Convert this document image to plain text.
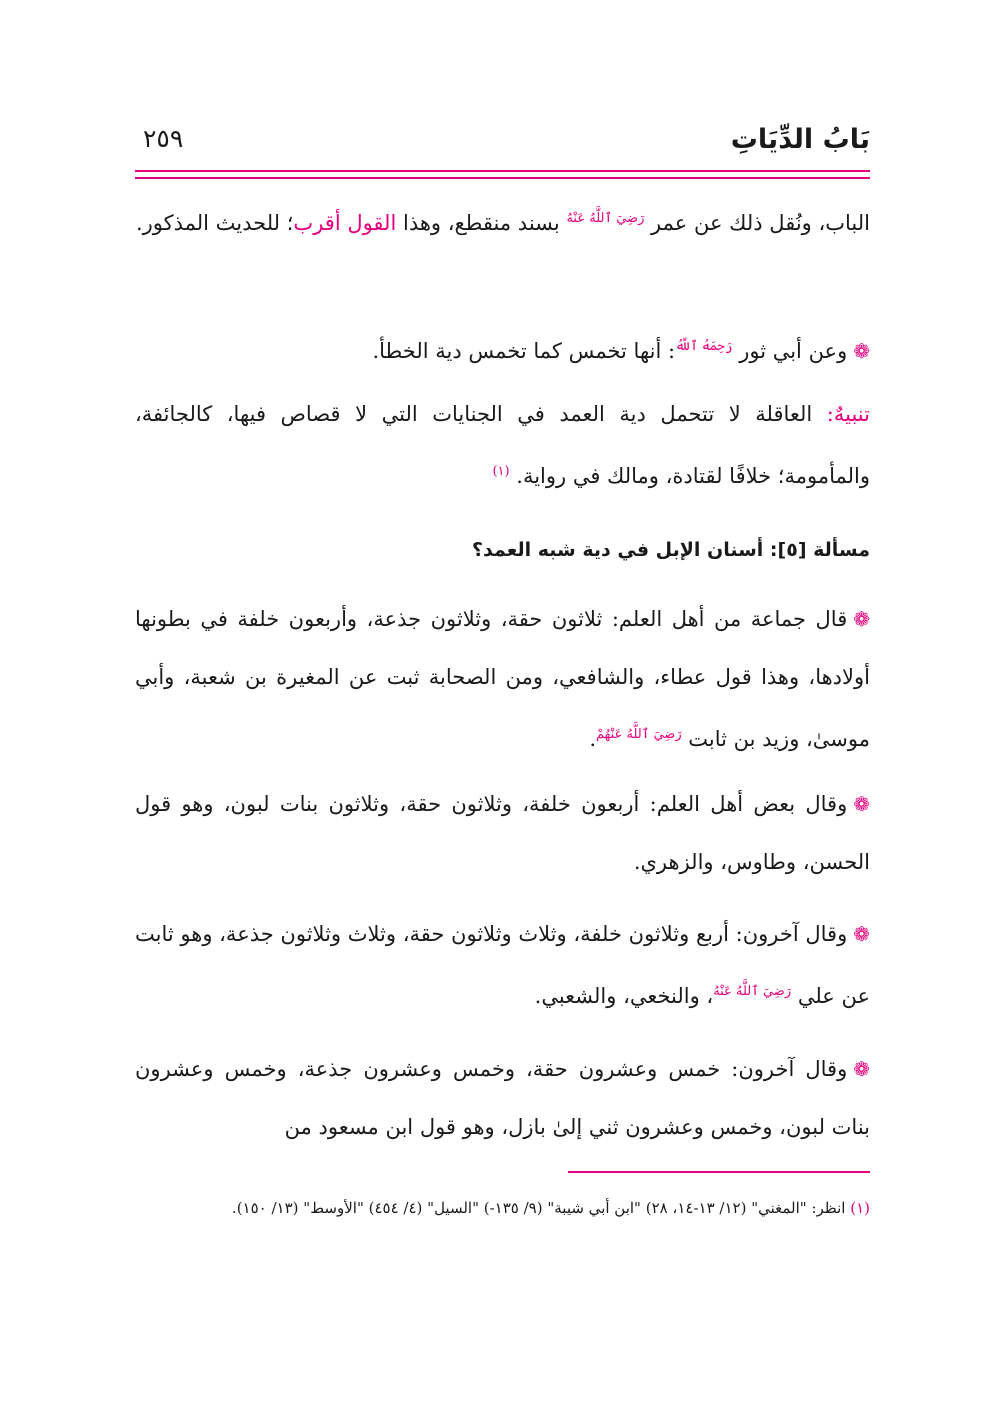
بَابُ الدِّيَاتِ
٢٥٩

الباب، ونُقل ذلك عن عمر $^{رَضِيَ ٱللَّهُ عَنْهُ}$ بسند منقطع، وهذا القول أقرب؛ للحديث المذكور.

❁وعن أبي ثور $^{رَحِمَهُ ٱللَّهُ}$: أنها تخمس كما تخمس دية الخطأ.

تنبيهٌ: العاقلة لا تتحمل دية العمد في الجنايات التي لا قصاص فيها، كالجائفة، والمأمومة؛ خلافًا لقتادة، ومالك في رواية. $^{(١)}$

مسألة [٥]: أسنان الإبل في دية شبه العمد؟

❁قال جماعة من أهل العلم: ثلاثون حقة، وثلاثون جذعة، وأربعون خلفة في بطونها أولادها، وهذا قول عطاء، والشافعي، ومن الصحابة ثبت عن المغيرة بن شعبة، وأبي موسىٰ، وزيد بن ثابت $^{رَضِيَ ٱللَّهُ عَنْهُمْ}$.

❁وقال بعض أهل العلم: أربعون خلفة، وثلاثون حقة، وثلاثون بنات لبون، وهو قول الحسن، وطاوس، والزهري.

❁وقال آخرون: أربع وثلاثون خلفة، وثلاث وثلاثون حقة، وثلاث وثلاثون جذعة، وهو ثابت عن علي $^{رَضِيَ ٱللَّهُ عَنْهُ}$، والنخعي، والشعبي.

❁وقال آخرون: خمس وعشرون حقة، وخمس وعشرون جذعة، وخمس وعشرون بنات لبون، وخمس وعشرون ثني إلىٰ بازل، وهو قول ابن مسعود من

(١) انظر: "المغني" (١٢/ ١٣-١٤، ٢٨) "ابن أبي شيبة" (٩/ ١٣٥-) "السيل" (٤/ ٤٥٤) "الأوسط" (١٣/ ١٥٠).
